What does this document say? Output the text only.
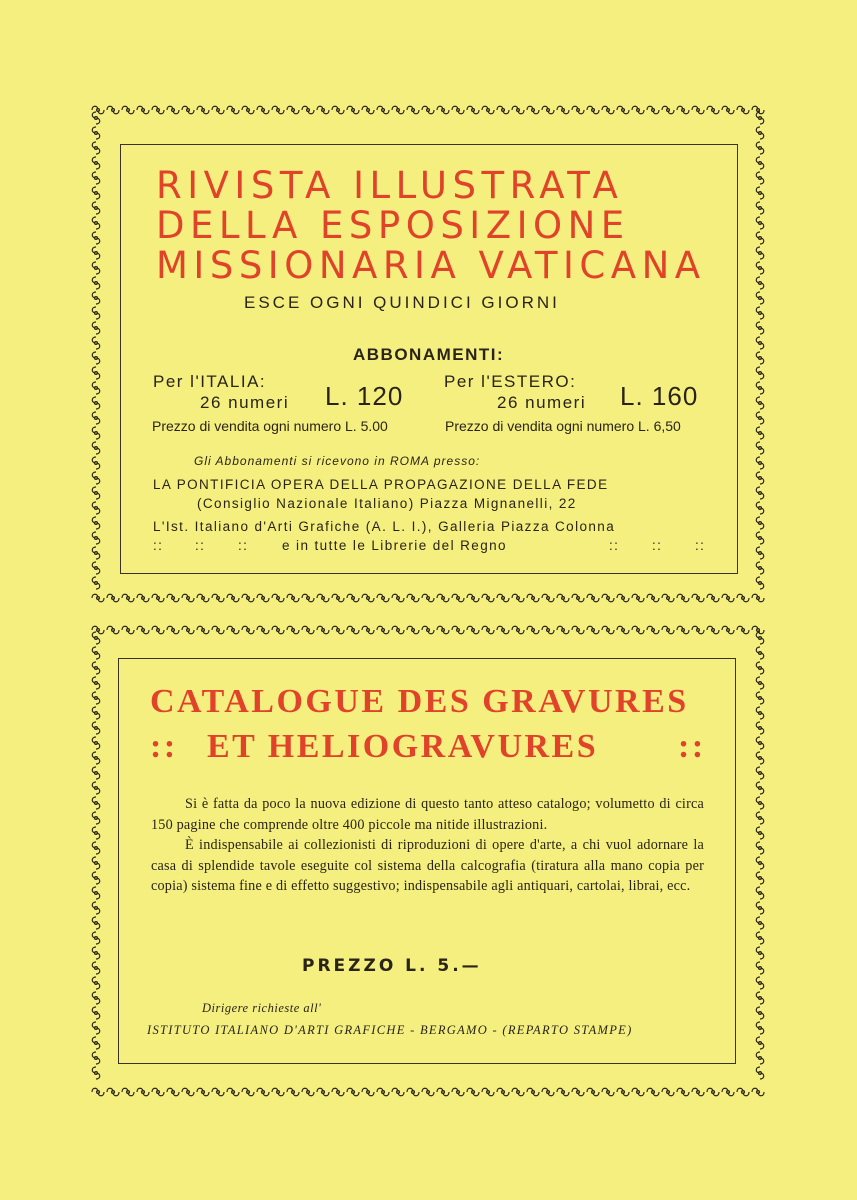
RIVISTA ILLUSTRATA
DELLA ESPOSIZIONE
MISSIONARIA VATICANA
ESCE OGNI QUINDICI GIORNI
ABBONAMENTI:
Per l'ITALIA:
26 numeri L. 120
Prezzo di vendita ogni numero L. 5.00
Per l'ESTERO:
26 numeri L. 160
Prezzo di vendita ogni numero L. 6,50
Gli Abbonamenti si ricevono in ROMA presso:
LA PONTIFICIA OPERA DELLA PROPAGAZIONE DELLA FEDE
(Consiglio Nazionale Italiano) Piazza Mignanelli, 22
L'Ist. Italiano d'Arti Grafiche (A. L. I.), Galleria Piazza Colonna
:: :: :: e in tutte le Librerie del Regno	:: :: ::
CATALOGUE DES GRAVURES
:: ET HELIOGRAVURES ::

Si è fatta da poco la nuova edizione di questo tanto atteso catalogo; volumetto di circa 150 pagine che comprende oltre 400 piccole ma nitide illustrazioni.

È indispensabile ai collezionisti di riproduzioni di opere d'arte, a chi vuol adornare la casa di splendide tavole eseguite col sistema della calcografia (tiratura alla mano copia per copia) sistema fine e di effetto suggestivo; indispensabile agli antiquari, cartolai, librai, ecc.

PREZZO L. 5.—
Dirigere richieste all'
ISTITUTO ITALIANO D'ARTI GRAFICHE - BERGAMO - (REPARTO STAMPE)
